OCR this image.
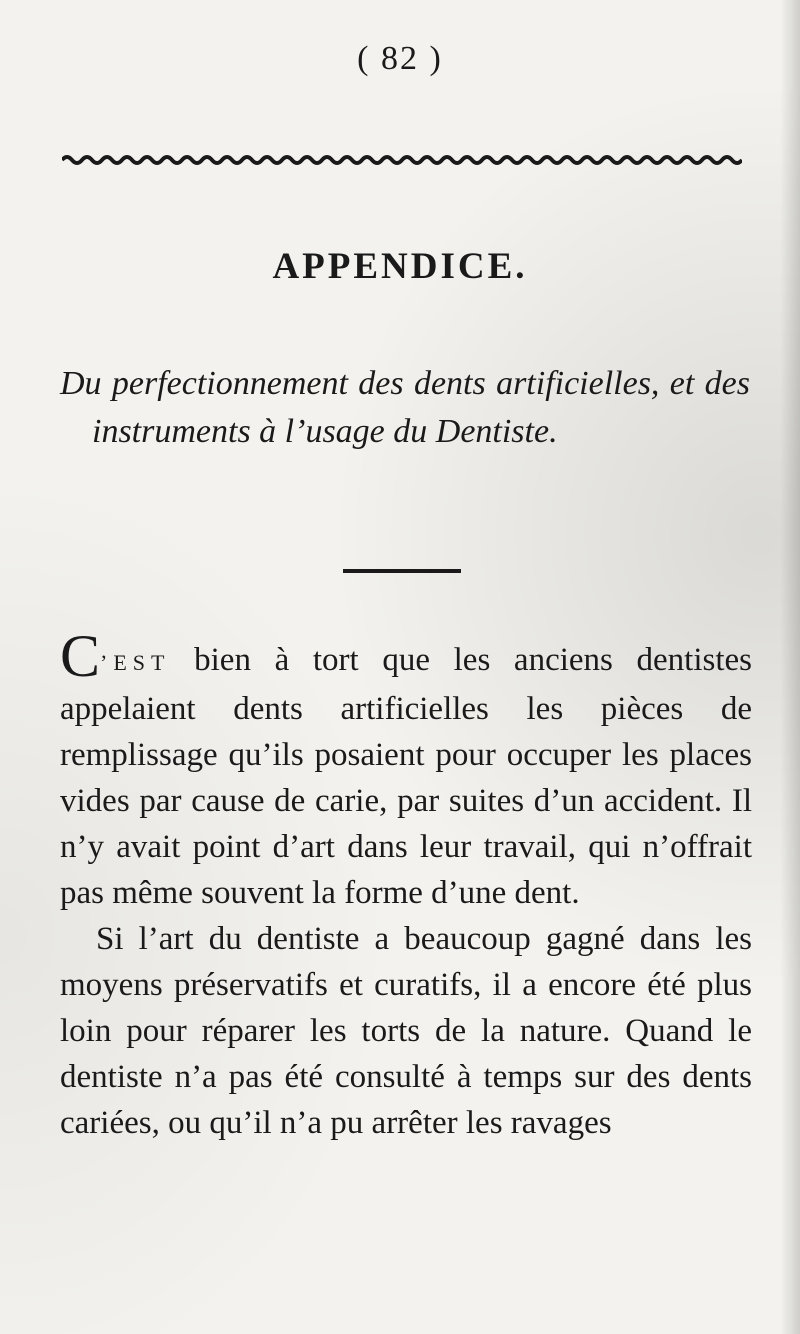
( 82 )
APPENDICE.
Du perfectionnement des dents artificielles, et des instruments à l’usage du Dentiste.

C’EST bien à tort que les anciens dentistes appelaient dents artificielles les pièces de remplissage qu’ils posaient pour occuper les places vides par cause de carie, par suites d’un accident. Il n’y avait point d’art dans leur travail, qui n’offrait pas même souvent la forme d’une dent.

Si l’art du dentiste a beaucoup gagné dans les moyens préservatifs et curatifs, il a encore été plus loin pour réparer les torts de la nature. Quand le dentiste n’a pas été consulté à temps sur des dents cariées, ou qu’il n’a pu arrêter les ravages
